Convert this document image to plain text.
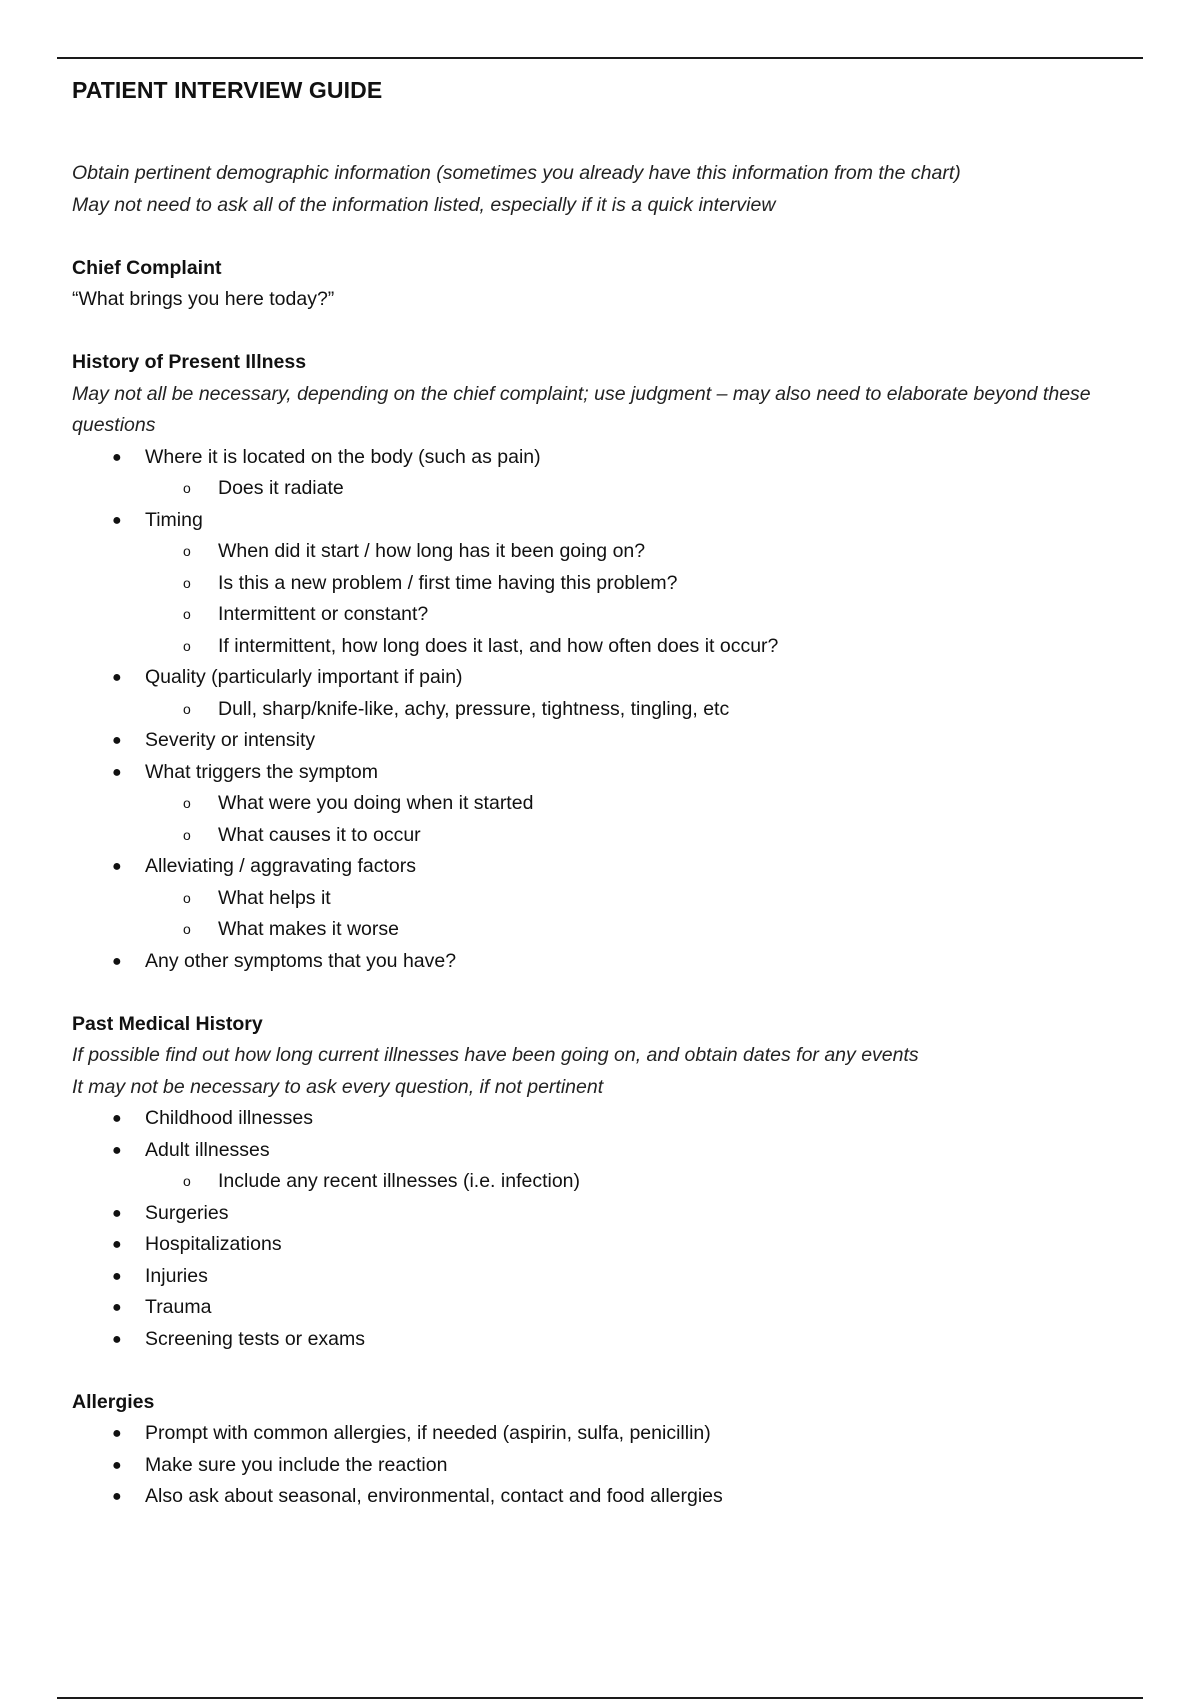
PATIENT INTERVIEW GUIDE

Obtain pertinent demographic information (sometimes you already have this information from the chart)

May not need to ask all of the information listed, especially if it is a quick interview

Chief Complaint

“What brings you here today?”

History of Present Illness

May not all be necessary, depending on the chief complaint; use judgment – may also need to elaborate beyond these questions

● Where it is located on the body (such as pain)
o Does it radiate
● Timing
o When did it start / how long has it been going on?
o Is this a new problem / first time having this problem?
o Intermittent or constant?
o If intermittent, how long does it last, and how often does it occur?
● Quality (particularly important if pain)
o Dull, sharp/knife-like, achy, pressure, tightness, tingling, etc
● Severity or intensity
● What triggers the symptom
o What were you doing when it started
o What causes it to occur
● Alleviating / aggravating factors
o What helps it
o What makes it worse
● Any other symptoms that you have?

Past Medical History

If possible find out how long current illnesses have been going on, and obtain dates for any events

It may not be necessary to ask every question, if not pertinent

● Childhood illnesses
● Adult illnesses
o Include any recent illnesses (i.e. infection)
● Surgeries
● Hospitalizations
● Injuries
● Trauma
● Screening tests or exams

Allergies

● Prompt with common allergies, if needed (aspirin, sulfa, penicillin)
● Make sure you include the reaction
● Also ask about seasonal, environmental, contact and food allergies
